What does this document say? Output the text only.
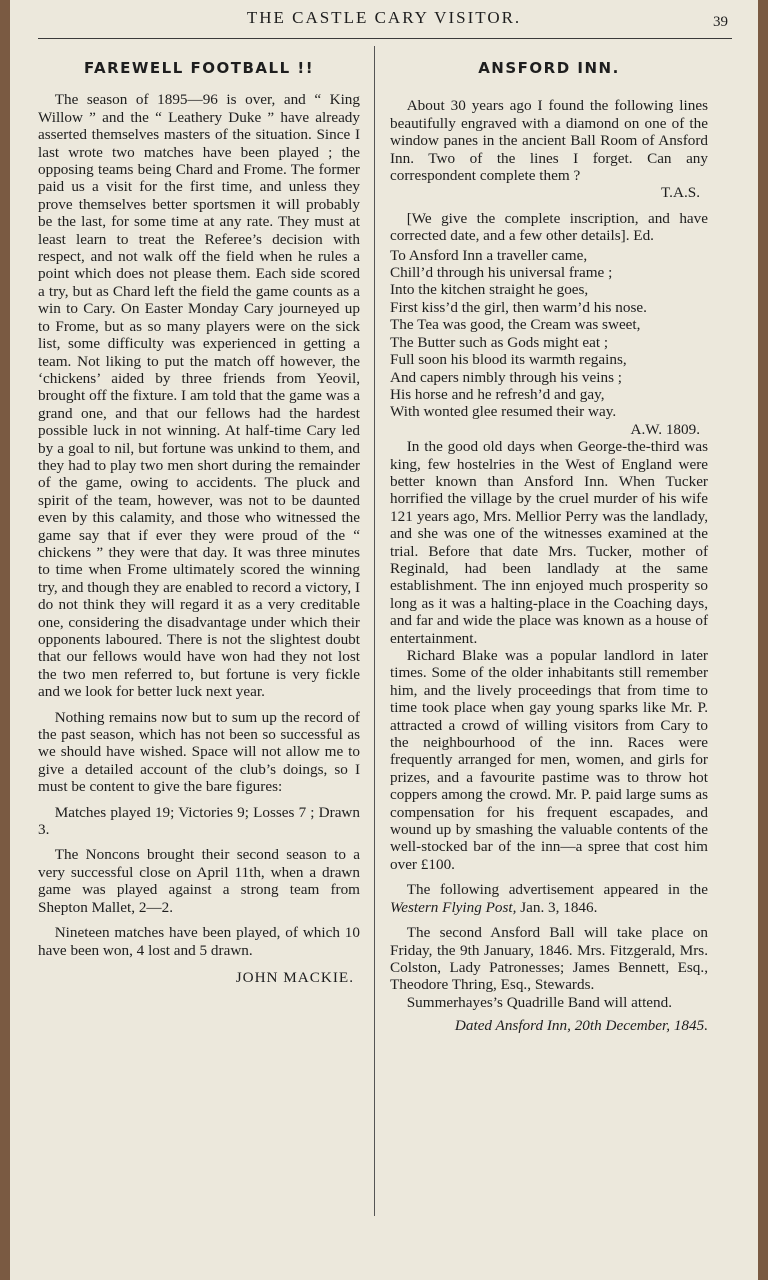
THE CASTLE CARY VISITOR.	39
FAREWELL FOOTBALL !!

The season of 1895—96 is over, and “ King Willow ” and the “ Leathery Duke ” have already asserted themselves masters of the situation. Since I last wrote two matches have been played ; the opposing teams being Chard and Frome. The former paid us a visit for the first time, and unless they prove themselves better sportsmen it will probably be the last, for some time at any rate. They must at least learn to treat the Referee’s decision with respect, and not walk off the field when he rules a point which does not please them. Each side scored a try, but as Chard left the field the game counts as a win to Cary. On Easter Monday Cary journeyed up to Frome, but as so many players were on the sick list, some difficulty was experienced in getting a team. Not liking to put the match off however, the ‘chickens’ aided by three friends from Yeovil, brought off the fixture. I am told that the game was a grand one, and that our fellows had the hardest possible luck in not winning. At half-time Cary led by a goal to nil, but fortune was unkind to them, and they had to play two men short during the remainder of the game, owing to accidents. The pluck and spirit of the team, however, was not to be daunted even by this calamity, and those who witnessed the game say that if ever they were proud of the “ chickens ” they were that day. It was three minutes to time when Frome ultimately scored the winning try, and though they are enabled to record a victory, I do not think they will regard it as a very creditable one, considering the disadvantage under which their opponents laboured. There is not the slightest doubt that our fellows would have won had they not lost the two men referred to, but fortune is very fickle and we look for better luck next year.

Nothing remains now but to sum up the record of the past season, which has not been so successful as we should have wished. Space will not allow me to give a detailed account of the club’s doings, so I must be content to give the bare figures:

Matches played 19; Victories 9; Losses 7 ; Drawn 3.

The Noncons brought their second season to a very successful close on April 11th, when a drawn game was played against a strong team from Shepton Mallet, 2—2.

Nineteen matches have been played, of which 10 have been won, 4 lost and 5 drawn.

JOHN MACKIE.
ANSFORD INN.

About 30 years ago I found the following lines beautifully engraved with a diamond on one of the window panes in the ancient Ball Room of Ansford Inn. Two of the lines I forget. Can any correspondent complete them ?

T.A.S.

[We give the complete inscription, and have corrected date, and a few other details]. Ed.

To Ansford Inn a traveller came,

Chill’d through his universal frame ;

Into the kitchen straight he goes,

First kiss’d the girl, then warm’d his nose.

The Tea was good, the Cream was sweet,

The Butter such as Gods might eat ;

Full soon his blood its warmth regains,

And capers nimbly through his veins ;

His horse and he refresh’d and gay,

With wonted glee resumed their way.

A.W. 1809.

In the good old days when George-the-third was king, few hostelries in the West of England were better known than Ansford Inn. When Tucker horrified the village by the cruel murder of his wife 121 years ago, Mrs. Mellior Perry was the landlady, and she was one of the witnesses examined at the trial. Before that date Mrs. Tucker, mother of Reginald, had been landlady at the same establishment. The inn enjoyed much prosperity so long as it was a halting-place in the Coaching days, and far and wide the place was known as a house of entertainment.

Richard Blake was a popular landlord in later times. Some of the older inhabitants still remember him, and the lively proceedings that from time to time took place when gay young sparks like Mr. P. attracted a crowd of willing visitors from Cary to the neighbourhood of the inn. Races were frequently arranged for men, women, and girls for prizes, and a favourite pastime was to throw hot coppers among the crowd. Mr. P. paid large sums as compensation for his frequent escapades, and wound up by smashing the valuable contents of the well-stocked bar of the inn—a spree that cost him over £100.

The following advertisement appeared in the Western Flying Post, Jan. 3, 1846.

The second Ansford Ball will take place on Friday, the 9th January, 1846. Mrs. Fitzgerald, Mrs. Colston, Lady Patronesses; James Bennett, Esq., Theodore Thring, Esq., Stewards.

Summerhayes’s Quadrille Band will attend.

Dated Ansford Inn, 20th December, 1845.
